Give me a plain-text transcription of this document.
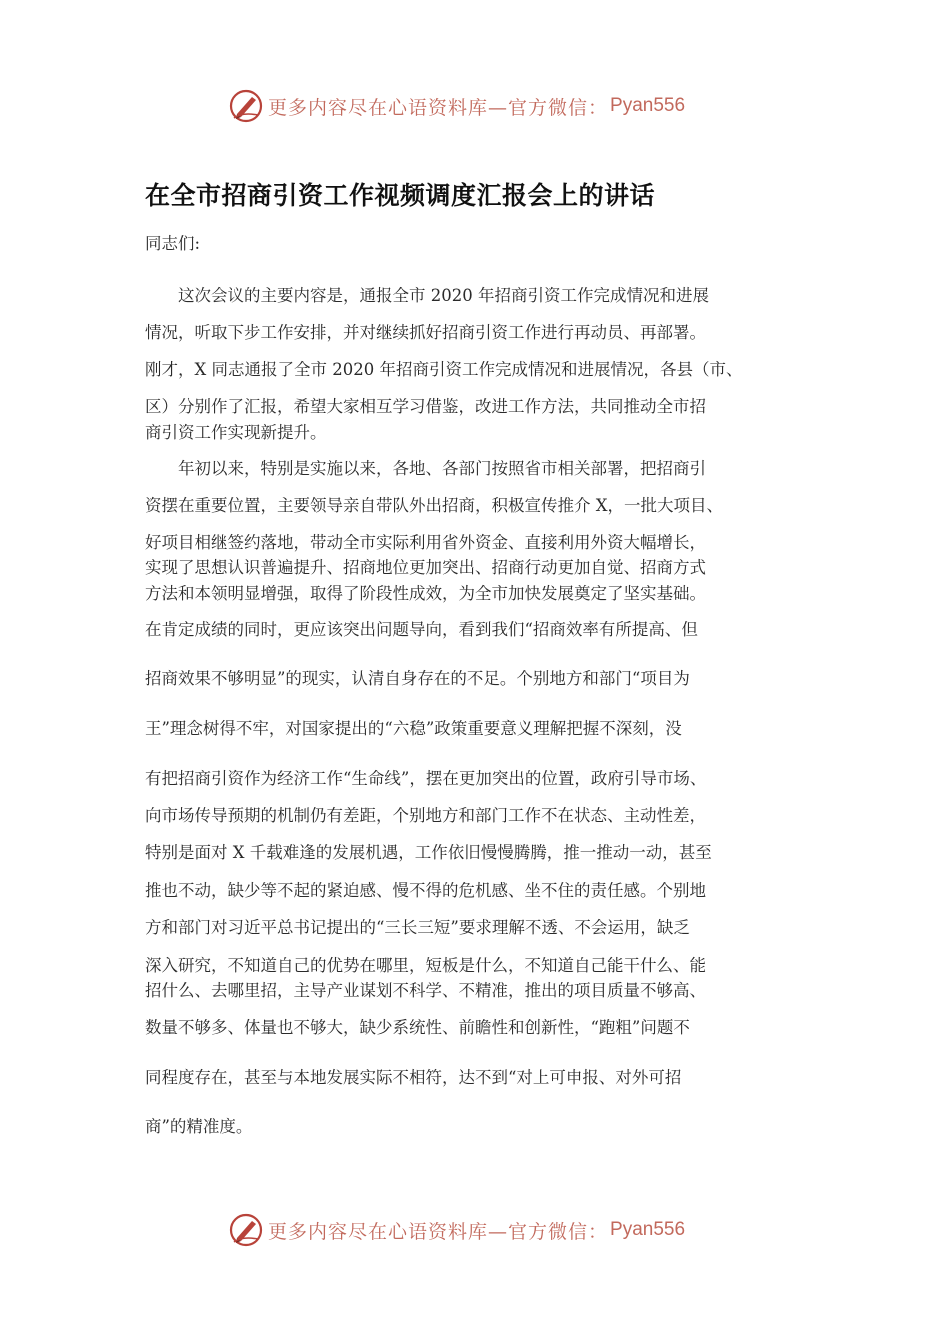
更多内容尽在心语资料库—官方微信： Pyan556
在全市招商引资工作视频调度汇报会上的讲话
同志们:
　　这次会议的主要内容是，通报全市 2020 年招商引资工作完成情况和进展
情况，听取下步工作安排，并对继续抓好招商引资工作进行再动员、再部署。
刚才，X 同志通报了全市 2020 年招商引资工作完成情况和进展情况，各县（市、
区）分别作了汇报，希望大家相互学习借鉴，改进工作方法，共同推动全市招
商引资工作实现新提升。
　　年初以来，特别是实施以来，各地、各部门按照省市相关部署，把招商引
资摆在重要位置，主要领导亲自带队外出招商，积极宣传推介 X，一批大项目、
好项目相继签约落地，带动全市实际利用省外资金、直接利用外资大幅增长，
实现了思想认识普遍提升、招商地位更加突出、招商行动更加自觉、招商方式
方法和本领明显增强，取得了阶段性成效，为全市加快发展奠定了坚实基础。
在肯定成绩的同时，更应该突出问题导向，看到我们“招商效率有所提高、但
招商效果不够明显”的现实，认清自身存在的不足。个别地方和部门“项目为
王”理念树得不牢，对国家提出的“六稳”政策重要意义理解把握不深刻，没
有把招商引资作为经济工作“生命线”，摆在更加突出的位置，政府引导市场、
向市场传导预期的机制仍有差距，个别地方和部门工作不在状态、主动性差，
特别是面对 X 千载难逢的发展机遇，工作依旧慢慢腾腾，推一推动一动，甚至
推也不动，缺少等不起的紧迫感、慢不得的危机感、坐不住的责任感。个别地
方和部门对习近平总书记提出的“三长三短”要求理解不透、不会运用，缺乏
深入研究，不知道自己的优势在哪里，短板是什么，不知道自己能干什么、能
招什么、去哪里招，主导产业谋划不科学、不精准，推出的项目质量不够高、
数量不够多、体量也不够大，缺少系统性、前瞻性和创新性，“跑粗”问题不
同程度存在，甚至与本地发展实际不相符，达不到“对上可申报、对外可招
商”的精准度。
更多内容尽在心语资料库—官方微信： Pyan556
